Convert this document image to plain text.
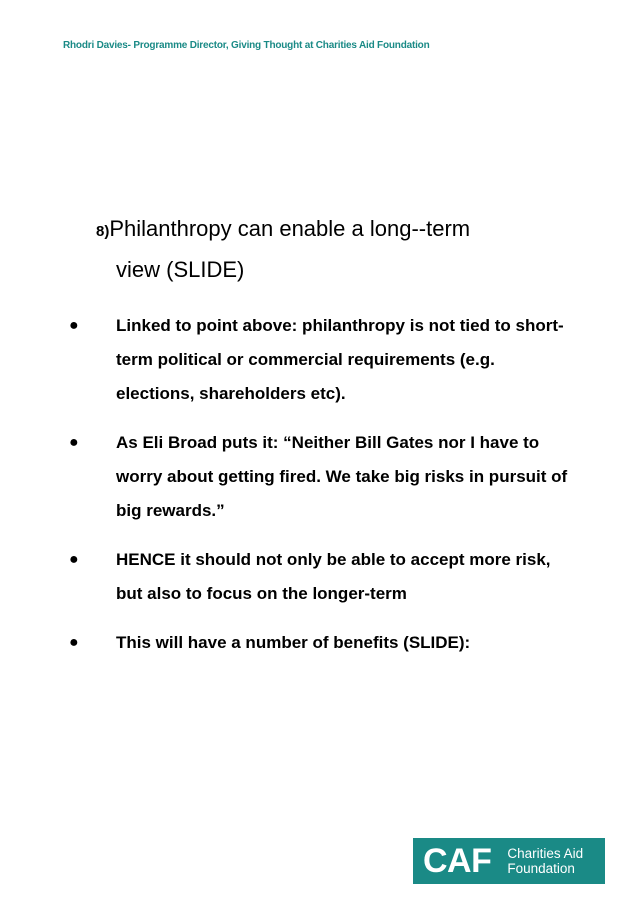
Rhodri Davies- Programme Director, Giving Thought at Charities Aid Foundation
8)Philanthropy can enable a long--term
view (SLIDE)
● Linked to point above: philanthropy is not tied to short-term political or commercial requirements (e.g. elections, shareholders etc).
● As Eli Broad puts it: “Neither Bill Gates nor I have to worry about getting fired. We take big risks in pursuit of big rewards.”
● HENCE it should not only be able to accept more risk, but also to focus on the longer-term
● This will have a number of benefits (SLIDE):
CAF Charities Aid
Foundation
